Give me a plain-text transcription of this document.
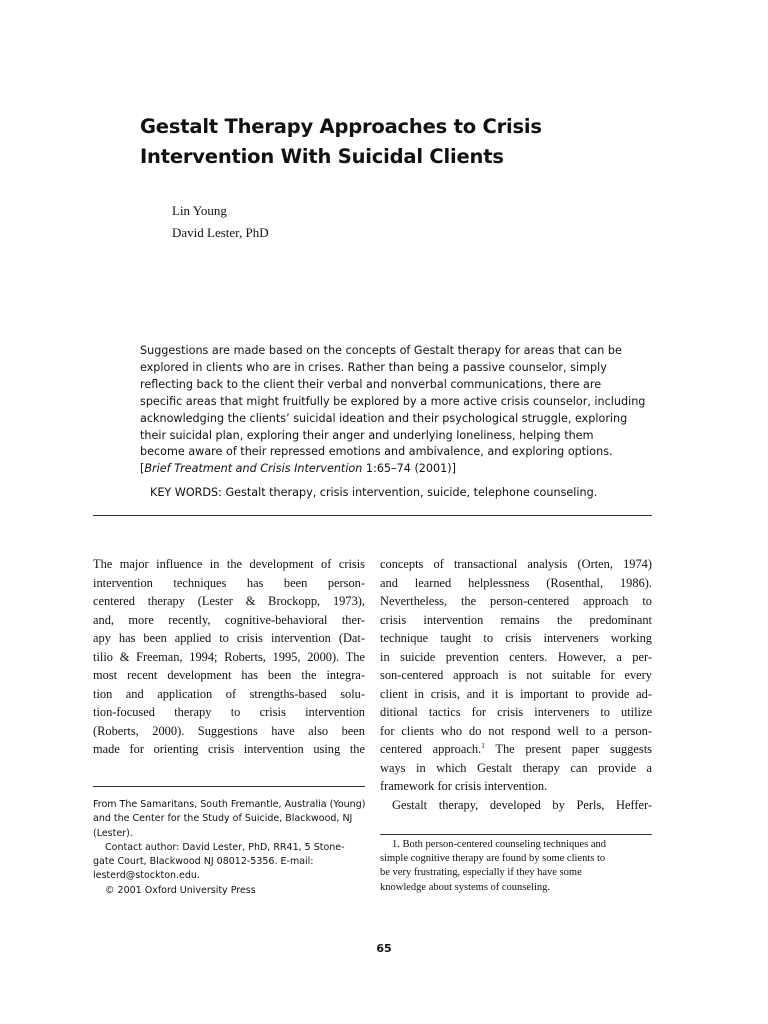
Gestalt Therapy Approaches to Crisis
Intervention With Suicidal Clients
Lin Young
David Lester, PhD
Suggestions are made based on the concepts of Gestalt therapy for areas that can be
explored in clients who are in crises. Rather than being a passive counselor, simply
reflecting back to the client their verbal and nonverbal communications, there are
specific areas that might fruitfully be explored by a more active crisis counselor, including
acknowledging the clients’ suicidal ideation and their psychological struggle, exploring
their suicidal plan, exploring their anger and underlying loneliness, helping them
become aware of their repressed emotions and ambivalence, and exploring options.
[Brief Treatment and Crisis Intervention 1:65–74 (2001)]
KEY WORDS: Gestalt therapy, crisis intervention, suicide, telephone counseling.
The major influence in the development of crisis
intervention techniques has been person-
centered therapy (Lester & Brockopp, 1973),
and, more recently, cognitive-behavioral ther-
apy has been applied to crisis intervention (Dat-
tilio & Freeman, 1994; Roberts, 1995, 2000). The
most recent development has been the integra-
tion and application of strengths-based solu-
tion-focused therapy to crisis intervention
(Roberts, 2000). Suggestions have also been
made for orienting crisis intervention using the
concepts of transactional analysis (Orten, 1974)
and learned helplessness (Rosenthal, 1986).
Nevertheless, the person-centered approach to
crisis intervention remains the predominant
technique taught to crisis interveners working
in suicide prevention centers. However, a per-
son-centered approach is not suitable for every
client in crisis, and it is important to provide ad-
ditional tactics for crisis interveners to utilize
for clients who do not respond well to a person-
centered approach.$^1$ The present paper suggests
ways in which Gestalt therapy can provide a
framework for crisis intervention.
Gestalt therapy, developed by Perls, Heffer-
From The Samaritans, South Fremantle, Australia (Young)
and the Center for the Study of Suicide, Blackwood, NJ
(Lester).
Contact author: David Lester, PhD, RR41, 5 Stone-
gate Court, Blackwood NJ 08012-5356. E-mail:
lesterd@stockton.edu.
© 2001 Oxford University Press
1. Both person-centered counseling techniques and
simple cognitive therapy are found by some clients to
be very frustrating, especially if they have some
knowledge about systems of counseling.
65
